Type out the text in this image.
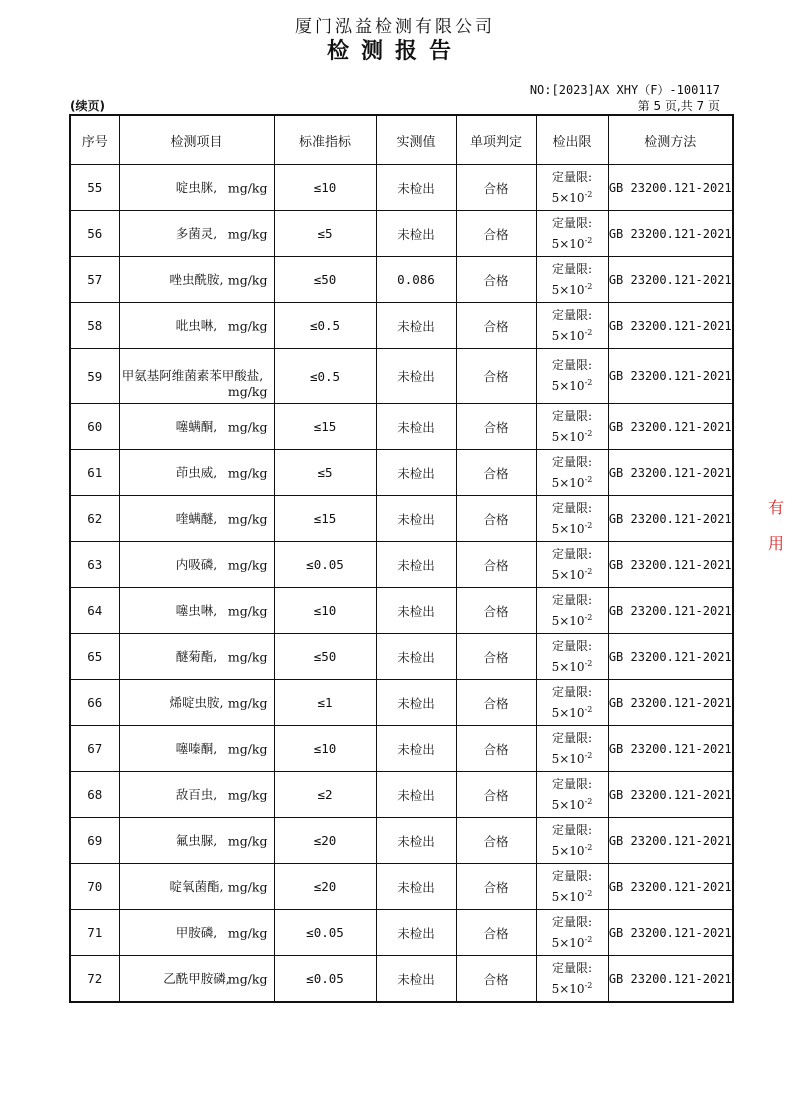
厦门泓益检测有限公司
检测报告
NO:[2023]AX XHY（F）-100117
(续页)	第 5 页,共 7 页
序号	检测项目	标准指标	实测值	单项判定	检出限	检测方法
55	啶虫脒, mg/kg	≤10	未检出	合格	定量限:
$5\times 10^{-2}$	GB 23200.121-2021
56	多菌灵, mg/kg	≤5	未检出	合格	定量限:
$5\times 10^{-2}$	GB 23200.121-2021
57	唑虫酰胺, mg/kg	≤50	0.086	合格	定量限:
$5\times 10^{-2}$	GB 23200.121-2021
58	吡虫啉, mg/kg	≤0.5	未检出	合格	定量限:
$5\times 10^{-2}$	GB 23200.121-2021
59	甲氨基阿维菌素苯甲酸盐,
mg/kg	≤0.5	未检出	合格	定量限:
$5\times 10^{-2}$	GB 23200.121-2021
60	噻螨酮, mg/kg	≤15	未检出	合格	定量限:
$5\times 10^{-2}$	GB 23200.121-2021
61	茚虫威, mg/kg	≤5	未检出	合格	定量限:
$5\times 10^{-2}$	GB 23200.121-2021
62	喹螨醚, mg/kg	≤15	未检出	合格	定量限:
$5\times 10^{-2}$	GB 23200.121-2021
63	内吸磷, mg/kg	≤0.05	未检出	合格	定量限:
$5\times 10^{-2}$	GB 23200.121-2021
64	噻虫啉, mg/kg	≤10	未检出	合格	定量限:
$5\times 10^{-2}$	GB 23200.121-2021
65	醚菊酯, mg/kg	≤50	未检出	合格	定量限:
$5\times 10^{-2}$	GB 23200.121-2021
66	烯啶虫胺, mg/kg	≤1	未检出	合格	定量限:
$5\times 10^{-2}$	GB 23200.121-2021
67	噻嗪酮, mg/kg	≤10	未检出	合格	定量限:
$5\times 10^{-2}$	GB 23200.121-2021
68	敌百虫, mg/kg	≤2	未检出	合格	定量限:
$5\times 10^{-2}$	GB 23200.121-2021
69	氟虫脲, mg/kg	≤20	未检出	合格	定量限:
$5\times 10^{-2}$	GB 23200.121-2021
70	啶氧菌酯, mg/kg	≤20	未检出	合格	定量限:
$5\times 10^{-2}$	GB 23200.121-2021
71	甲胺磷, mg/kg	≤0.05	未检出	合格	定量限:
$5\times 10^{-2}$	GB 23200.121-2021
72	乙酰甲胺磷,
mg/kg	≤0.05	未检出	合格	定量限:
$5\times 10^{-2}$	GB 23200.121-2021
有
用
